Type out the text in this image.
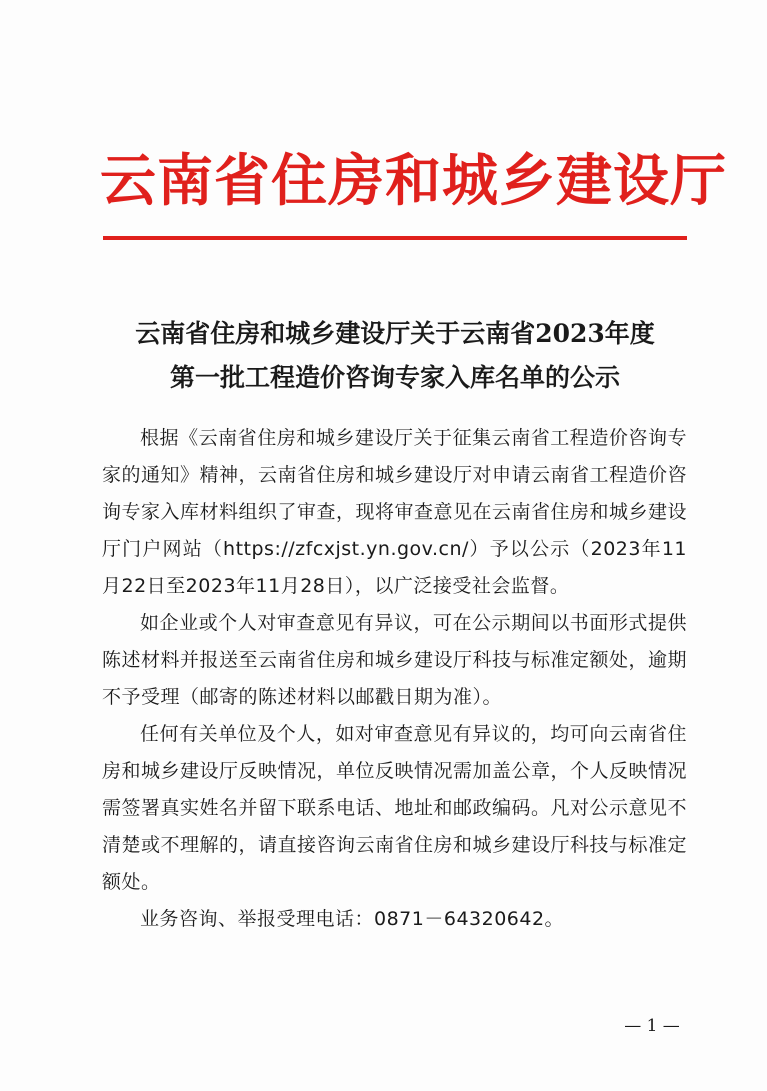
云南省住房和城乡建设厅
云南省住房和城乡建设厅关于云南省2023年度
第一批工程造价咨询专家入库名单的公示

根据《云南省住房和城乡建设厅关于征集云南省工程造价咨询专家的通知》精神，云南省住房和城乡建设厅对申请云南省工程造价咨询专家入库材料组织了审查，现将审查意见在云南省住房和城乡建设厅门户网站（https://zfcxjst.yn.gov.cn/）予以公示（2023年11月22日至2023年11月28日），以广泛接受社会监督。

如企业或个人对审查意见有异议，可在公示期间以书面形式提供陈述材料并报送至云南省住房和城乡建设厅科技与标准定额处，逾期不予受理（邮寄的陈述材料以邮戳日期为准）。

任何有关单位及个人，如对审查意见有异议的，均可向云南省住房和城乡建设厅反映情况，单位反映情况需加盖公章，个人反映情况需签署真实姓名并留下联系电话、地址和邮政编码。凡对公示意见不清楚或不理解的，请直接咨询云南省住房和城乡建设厅科技与标准定额处。

业务咨询、举报受理电话：0871－64320642。

— 1 —
